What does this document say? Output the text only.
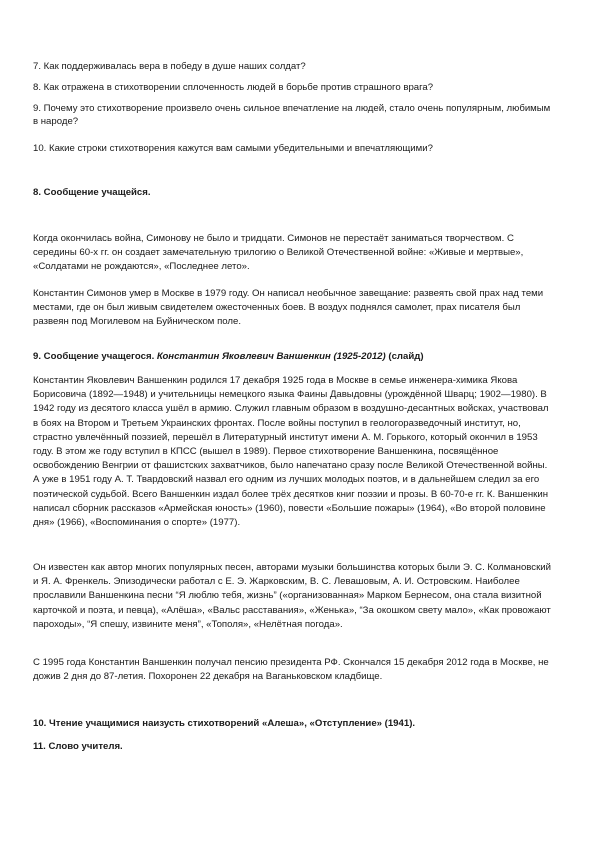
7. Как поддерживалась вера в победу в душе наших солдат?

8. Как отражена в стихотворении сплоченность людей в борьбе против страшного врага?

9. Почему это стихотворение произвело очень сильное впечатление на людей, стало очень популярным, любимым в народе?

10. Какие строки стихотворения кажутся вам самыми убедительными и впечатляющими?

8. Сообщение учащейся.

Когда окончилась война, Симонову не было и тридцати. Симонов не перестаёт заниматься творчеством. С середины 60-х гг. он создает замечательную трилогию о Великой Отечественной войне: «Живые и мертвые», «Солдатами не рождаются», «Последнее лето».

Константин Симонов умер в Москве в 1979 году. Он написал необычное завещание: развеять свой прах над теми местами, где он был живым свидетелем ожесточенных боев. В воздух поднялся самолет, прах писателя был развеян под Могилевом на Буйническом поле.

9. Сообщение учащегося. Константин Яковлевич Ваншенкин (1925-2012) (слайд)

Константин Яковлевич Ваншенкин родился 17 декабря 1925 года в Москве в семье инженера-химика Якова Борисовича (1892—1948) и учительницы немецкого языка Фаины Давыдовны (урождённой Шварц; 1902—1980). В 1942 году из десятого класса ушёл в армию. Служил главным образом в воздушно-десантных войсках, участвовал в боях на Втором и Третьем Украинских фронтах. После войны поступил в геологоразведочный институт, но, страстно увлечённый поэзией, перешёл в Литературный институт имени А. М. Горького, который окончил в 1953 году. В этом же году вступил в КПСС (вышел в 1989). Первое стихотворение Ваншенкина, посвящённое освобождению Венгрии от фашистских захватчиков, было напечатано сразу после Великой Отечественной войны. А уже в 1951 году А. Т. Твардовский назвал его одним из лучших молодых поэтов, и в дальнейшем следил за его поэтической судьбой. Всего Ваншенкин издал более трёх десятков книг поэзии и прозы. В 60-70-е гг. К. Ваншенкин написал сборник рассказов «Армейская юность» (1960), повести «Большие пожары» (1964), «Во второй половине дня» (1966), «Воспоминания о спорте» (1977).

Он известен как автор многих популярных песен, авторами музыки большинства которых были Э. С. Колмановский и Я. А. Френкель. Эпизодически работал с Е. Э. Жарковским, В. С. Левашовым, А. И. Островским. Наиболее прославили Ваншенкина песни “Я люблю тебя, жизнь” («организованная» Марком Бернесом, она стала визитной карточкой и поэта, и певца), «Алёша», «Вальс расставания», «Женька», “За окошком свету мало», «Как провожают пароходы», “Я спешу, извините меня”, «Тополя», «Нелётная погода».

С 1995 года Константин Ваншенкин получал пенсию президента РФ. Скончался 15 декабря 2012 года в Москве, не дожив 2 дня до 87-летия. Похоронен 22 декабря на Ваганьковском кладбище.

10. Чтение учащимися наизусть стихотворений «Алеша», «Отступление» (1941).

11. Слово учителя.
